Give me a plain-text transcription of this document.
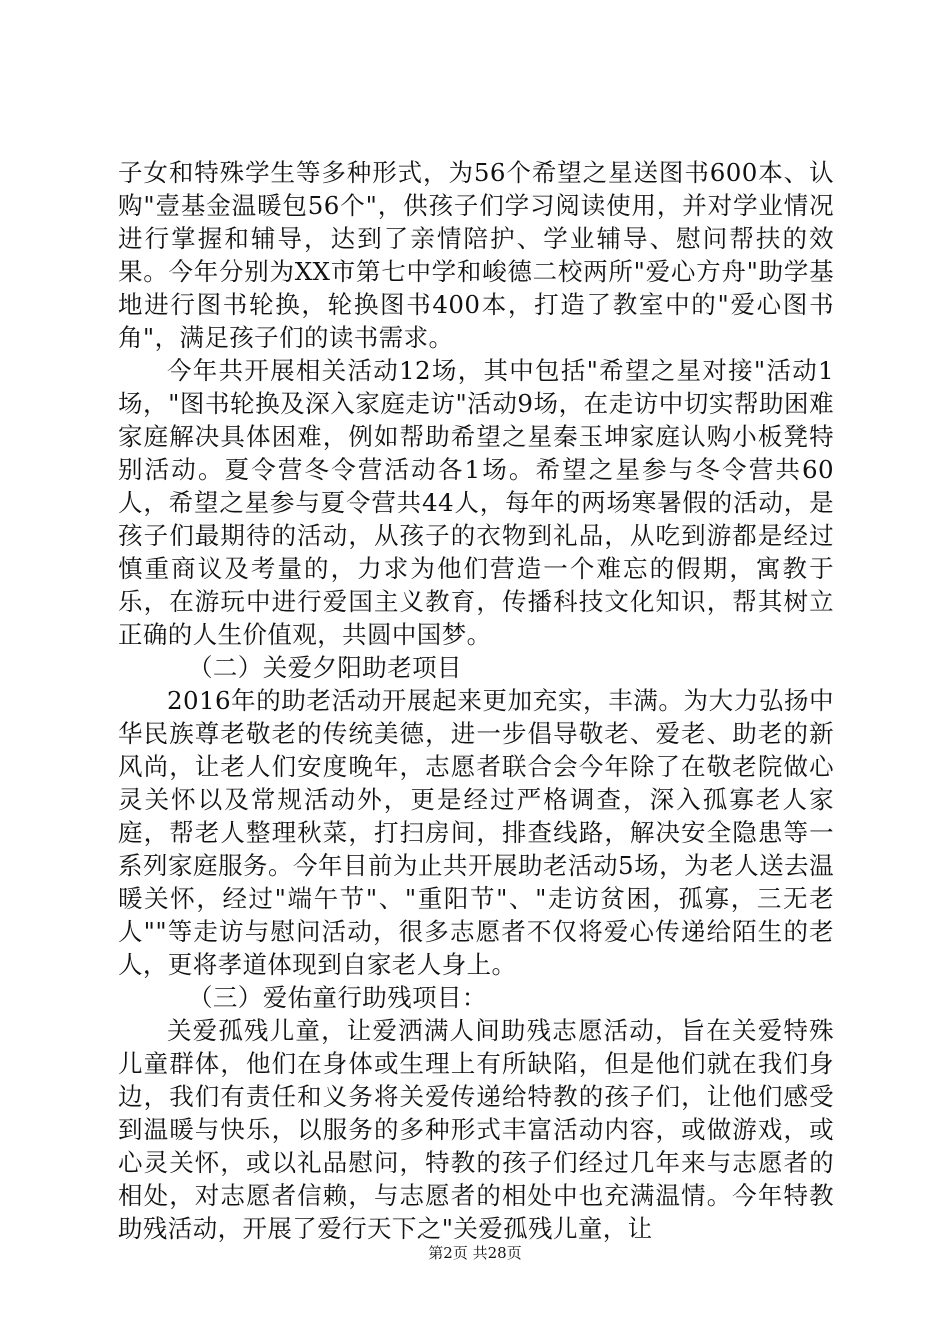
子女和特殊学生等多种形式，为56个希望之星送图书600本、认购"壹基金温暖包56个"，供孩子们学习阅读使用，并对学业情况进行掌握和辅导，达到了亲情陪护、学业辅导、慰问帮扶的效果。今年分别为XX市第七中学和峻德二校两所"爱心方舟"助学基地进行图书轮换，轮换图书400本，打造了教室中的"爱心图书角"，满足孩子们的读书需求。

今年共开展相关活动12场，其中包括"希望之星对接"活动1场，"图书轮换及深入家庭走访"活动9场，在走访中切实帮助困难家庭解决具体困难，例如帮助希望之星秦玉坤家庭认购小板凳特别活动。夏令营冬令营活动各1场。希望之星参与冬令营共60人，希望之星参与夏令营共44人，每年的两场寒暑假的活动，是孩子们最期待的活动，从孩子的衣物到礼品，从吃到游都是经过慎重商议及考量的，力求为他们营造一个难忘的假期，寓教于乐，在游玩中进行爱国主义教育，传播科技文化知识，帮其树立正确的人生价值观，共圆中国梦。

（二）关爱夕阳助老项目

2016年的助老活动开展起来更加充实，丰满。为大力弘扬中华民族尊老敬老的传统美德，进一步倡导敬老、爱老、助老的新风尚，让老人们安度晚年，志愿者联合会今年除了在敬老院做心灵关怀以及常规活动外，更是经过严格调查，深入孤寡老人家庭，帮老人整理秋菜，打扫房间，排查线路，解决安全隐患等一系列家庭服务。今年目前为止共开展助老活动5场，为老人送去温暖关怀，经过"端午节"、"重阳节"、"走访贫困，孤寡，三无老人""等走访与慰问活动，很多志愿者不仅将爱心传递给陌生的老人，更将孝道体现到自家老人身上。

（三）爱佑童行助残项目：

关爱孤残儿童，让爱洒满人间助残志愿活动，旨在关爱特殊儿童群体，他们在身体或生理上有所缺陷，但是他们就在我们身边，我们有责任和义务将关爱传递给特教的孩子们，让他们感受到温暖与快乐，以服务的多种形式丰富活动内容，或做游戏，或心灵关怀，或以礼品慰问，特教的孩子们经过几年来与志愿者的相处，对志愿者信赖，与志愿者的相处中也充满温情。今年特教助残活动，开展了爱行天下之"关爱孤残儿童，让

第2页 共28页
